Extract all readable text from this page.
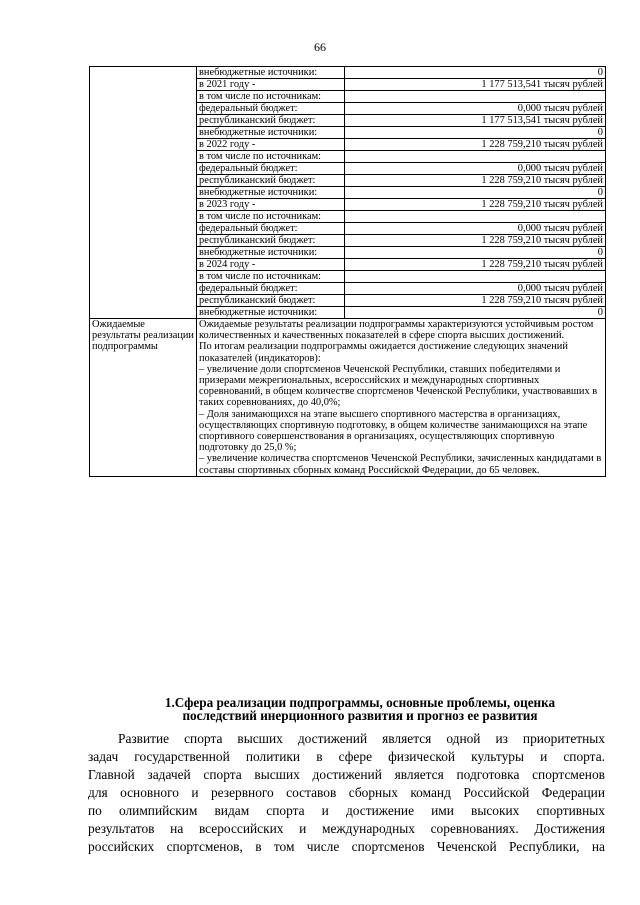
66
	внебюджетные источники:	0
	в 2021 году -	1 177 513,541 тысяч рублей
	в том числе по источникам:	
	федеральный бюджет:	0,000 тысяч рублей
	республиканский бюджет:	1 177 513,541 тысяч рублей
	внебюджетные источники:	0
	в 2022 году -	1 228 759,210 тысяч рублей
	в том числе по источникам:	
	федеральный бюджет:	0,000 тысяч рублей
	республиканский бюджет:	1 228 759,210 тысяч рублей
	внебюджетные источники:	0
	в 2023 году -	1 228 759,210 тысяч рублей
	в том числе по источникам:	
	федеральный бюджет:	0,000 тысяч рублей
	республиканский бюджет:	1 228 759,210 тысяч рублей
	внебюджетные источники:	0
	в 2024 году -	1 228 759,210 тысяч рублей
	в том числе по источникам:	
	федеральный бюджет:	0,000 тысяч рублей
	республиканский бюджет:	1 228 759,210 тысяч рублей
	внебюджетные источники:	0
Ожидаемые результаты реализации подпрограммы	Ожидаемые результаты реализации подпрограммы характеризуются устойчивым ростом количественных и качественных показателей в сфере спорта высших достижений.
По итогам реализации подпрограммы ожидается достижение следующих значений показателей (индикаторов):
– увеличение доли спортсменов Чеченской Республики, ставших победителями и призерами межрегиональных, всероссийских и международных спортивных соревнований, в общем количестве спортсменов Чеченской Республики, участвовавших в таких соревнованиях, до 40,0%;
– Доля занимающихся на этапе высшего спортивного мастерства в организациях, осуществляющих спортивную подготовку, в общем количестве занимающихся на этапе спортивного совершенствования в организациях, осуществляющих спортивную подготовку до 25,0 %;
– увеличение количества спортсменов Чеченской Республики, зачисленных кандидатами в составы спортивных сборных команд Российской Федерации, до 65 человек.	
1.Сфера реализации подпрограммы, основные проблемы, оценка
последствий инерционного развития и прогноз ее развития
Развитие спорта высших достижений является одной из приоритетных
задач государственной политики в сфере физической культуры и спорта.
Главной задачей спорта высших достижений является подготовка спортсменов
для основного и резервного составов сборных команд Российской Федерации
по олимпийским видам спорта и достижение ими высоких спортивных
результатов на всероссийских и международных соревнованиях. Достижения
российских спортсменов, в том числе спортсменов Чеченской Республики, на
